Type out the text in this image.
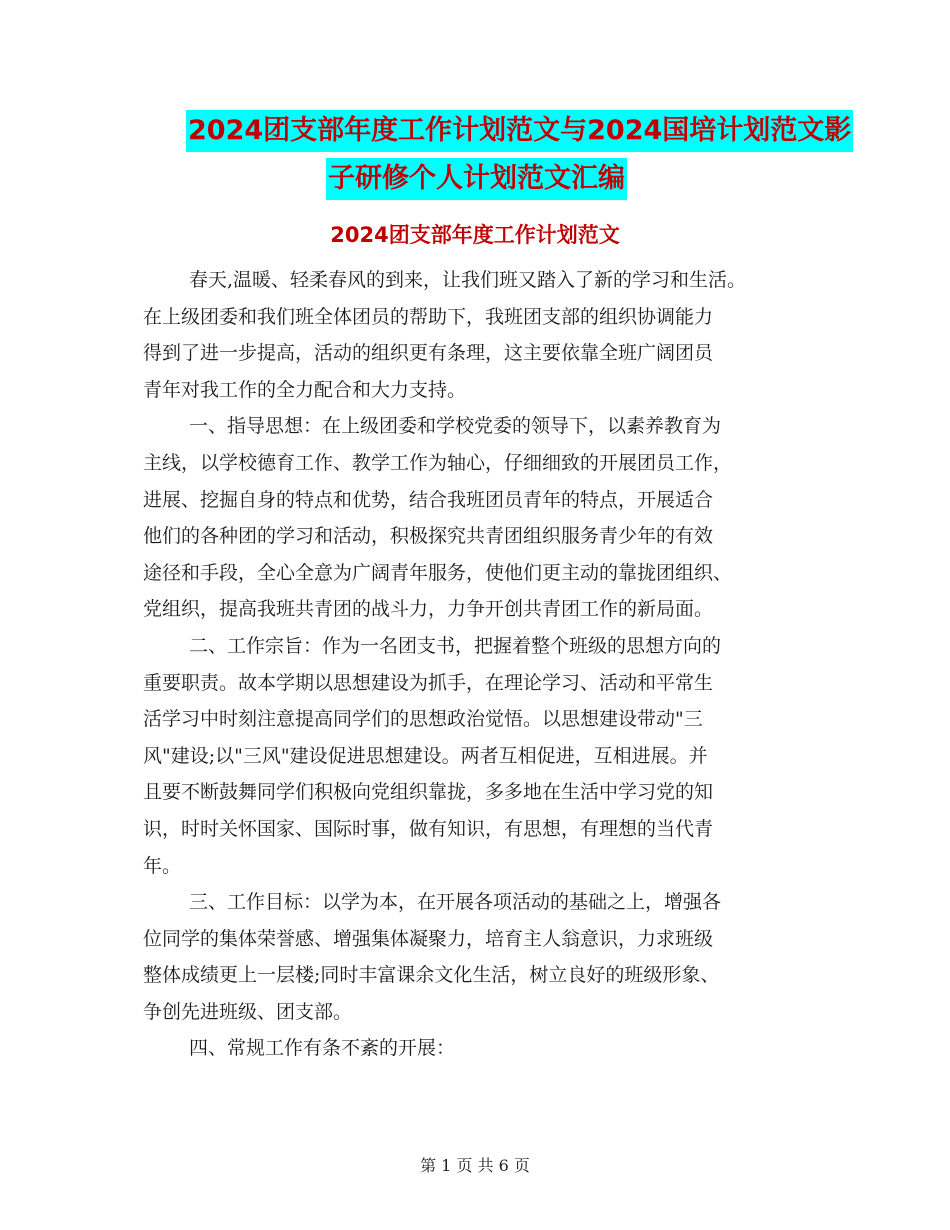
2024团支部年度工作计划范文与2024国培计划范文影
子研修个人计划范文汇编
2024团支部年度工作计划范文
春天,温暖、轻柔春风的到来，让我们班又踏入了新的学习和生活。
在上级团委和我们班全体团员的帮助下，我班团支部的组织协调能力
得到了进一步提高，活动的组织更有条理，这主要依靠全班广阔团员
青年对我工作的全力配合和大力支持。
一、指导思想：在上级团委和学校党委的领导下，以素养教育为
主线，以学校德育工作、教学工作为轴心，仔细细致的开展团员工作，
进展、挖掘自身的特点和优势，结合我班团员青年的特点，开展适合
他们的各种团的学习和活动，积极探究共青团组织服务青少年的有效
途径和手段，全心全意为广阔青年服务，使他们更主动的靠拢团组织、
党组织，提高我班共青团的战斗力，力争开创共青团工作的新局面。
二、工作宗旨：作为一名团支书，把握着整个班级的思想方向的
重要职责。故本学期以思想建设为抓手，在理论学习、活动和平常生
活学习中时刻注意提高同学们的思想政治觉悟。以思想建设带动"三
风"建设;以"三风"建设促进思想建设。两者互相促进，互相进展。并
且要不断鼓舞同学们积极向党组织靠拢，多多地在生活中学习党的知
识，时时关怀国家、国际时事，做有知识，有思想，有理想的当代青
年。
三、工作目标：以学为本，在开展各项活动的基础之上，增强各
位同学的集体荣誉感、增强集体凝聚力，培育主人翁意识，力求班级
整体成绩更上一层楼;同时丰富课余文化生活，树立良好的班级形象、
争创先进班级、团支部。
四、常规工作有条不紊的开展：
第 1 页 共 6 页
